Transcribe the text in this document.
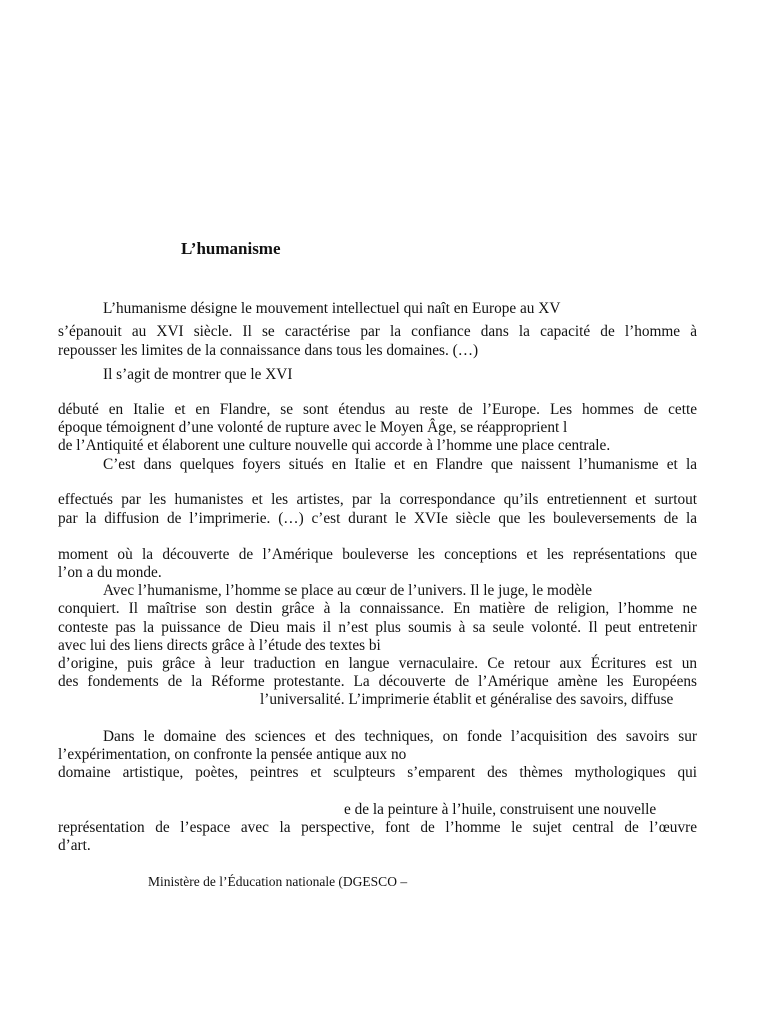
L’humanisme
L’humanisme désigne le mouvement intellectuel qui naît en Europe au XV
s’épanouit au XVI siècle. Il se caractérise par la confiance dans la capacité de l’homme à
repousser les limites de la connaissance dans tous les domaines. (…)
Il s’agit de montrer que le XVI
débuté en Italie et en Flandre, se sont étendus au reste de l’Europe. Les hommes de cette
époque témoignent d’une volonté de rupture avec le Moyen Âge, se réapproprient l
de l’Antiquité et élaborent une culture nouvelle qui accorde à l’homme une place centrale.
C’est dans quelques foyers situés en Italie et en Flandre que naissent l’humanisme et la
effectués par les humanistes et les artistes, par la correspondance qu’ils entretiennent et surtout
par la diffusion de l’imprimerie. (…) c’est durant le XVIe siècle que les bouleversements de la
moment où la découverte de l’Amérique bouleverse les conceptions et les représentations que
l’on a du monde.
Avec l’humanisme, l’homme se place au cœur de l’univers. Il le juge, le modèle
conquiert. Il maîtrise son destin grâce à la connaissance. En matière de religion, l’homme ne
conteste pas la puissance de Dieu mais il n’est plus soumis à sa seule volonté. Il peut entretenir
avec lui des liens directs grâce à l’étude des textes bi
d’origine, puis grâce à leur traduction en langue vernaculaire. Ce retour aux Écritures est un
des fondements de la Réforme protestante. La découverte de l’Amérique amène les Européens
l’universalité. L’imprimerie établit et généralise des savoirs, diffuse
Dans le domaine des sciences et des techniques, on fonde l’acquisition des savoirs sur
l’expérimentation, on confronte la pensée antique aux no
domaine artistique, poètes, peintres et sculpteurs s’emparent des thèmes mythologiques qui
e de la peinture à l’huile, construisent une nouvelle
représentation de l’espace avec la perspective, font de l’homme le sujet central de l’œuvre
d’art.
Ministère de l’Éducation nationale (DGESCO –
